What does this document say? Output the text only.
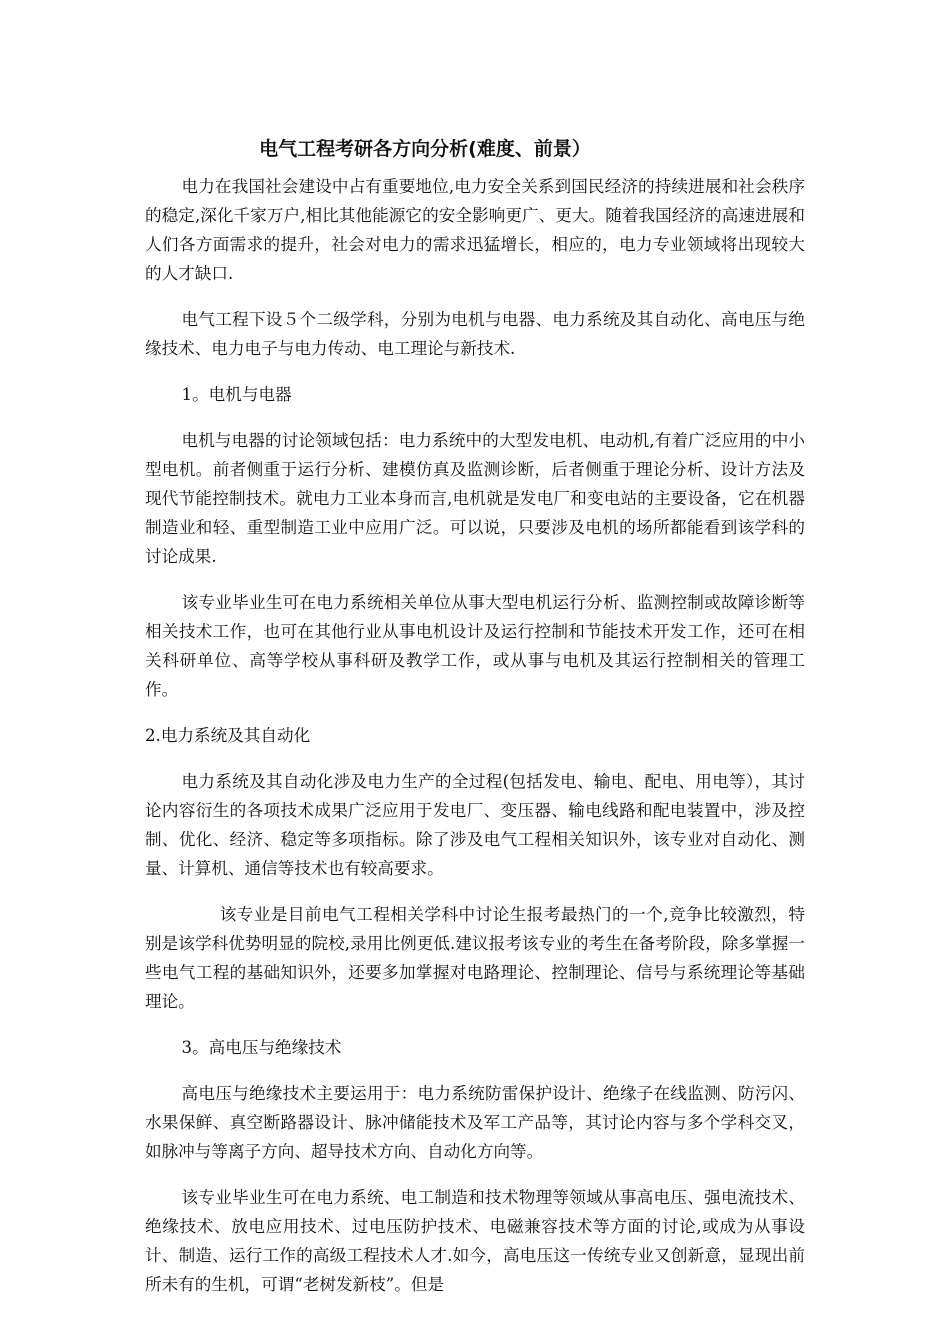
电气工程考研各方向分析(难度、前景）

电力在我国社会建设中占有重要地位,电力安全关系到国民经济的持续进展和社会秩序的稳定,深化千家万户,相比其他能源它的安全影响更广、更大。随着我国经济的高速进展和人们各方面需求的提升，社会对电力的需求迅猛增长，相应的，电力专业领域将出现较大的人才缺口.

电气工程下设５个二级学科，分别为电机与电器、电力系统及其自动化、高电压与绝缘技术、电力电子与电力传动、电工理论与新技术.

1。电机与电器

电机与电器的讨论领域包括：电力系统中的大型发电机、电动机,有着广泛应用的中小型电机。前者侧重于运行分析、建模仿真及监测诊断，后者侧重于理论分析、设计方法及现代节能控制技术。就电力工业本身而言,电机就是发电厂和变电站的主要设备，它在机器制造业和轻、重型制造工业中应用广泛。可以说，只要涉及电机的场所都能看到该学科的讨论成果.

该专业毕业生可在电力系统相关单位从事大型电机运行分析、监测控制或故障诊断等相关技术工作，也可在其他行业从事电机设计及运行控制和节能技术开发工作，还可在相关科研单位、高等学校从事科研及教学工作，或从事与电机及其运行控制相关的管理工作。

2.电力系统及其自动化

电力系统及其自动化涉及电力生产的全过程(包括发电、输电、配电、用电等），其讨论内容衍生的各项技术成果广泛应用于发电厂、变压器、输电线路和配电装置中，涉及控制、优化、经济、稳定等多项指标。除了涉及电气工程相关知识外，该专业对自动化、测量、计算机、通信等技术也有较高要求。

该专业是目前电气工程相关学科中讨论生报考最热门的一个,竞争比较激烈，特别是该学科优势明显的院校,录用比例更低.建议报考该专业的考生在备考阶段，除多掌握一些电气工程的基础知识外，还要多加掌握对电路理论、控制理论、信号与系统理论等基础理论。

3。高电压与绝缘技术

高电压与绝缘技术主要运用于：电力系统防雷保护设计、绝缘子在线监测、防污闪、水果保鲜、真空断路器设计、脉冲储能技术及军工产品等，其讨论内容与多个学科交叉，如脉冲与等离子方向、超导技术方向、自动化方向等。

该专业毕业生可在电力系统、电工制造和技术物理等领域从事高电压、强电流技术、绝缘技术、放电应用技术、过电压防护技术、电磁兼容技术等方面的讨论,或成为从事设计、制造、运行工作的高级工程技术人才.如今，高电压这一传统专业又创新意，显现出前所未有的生机，可谓“老树发新枝”。但是
